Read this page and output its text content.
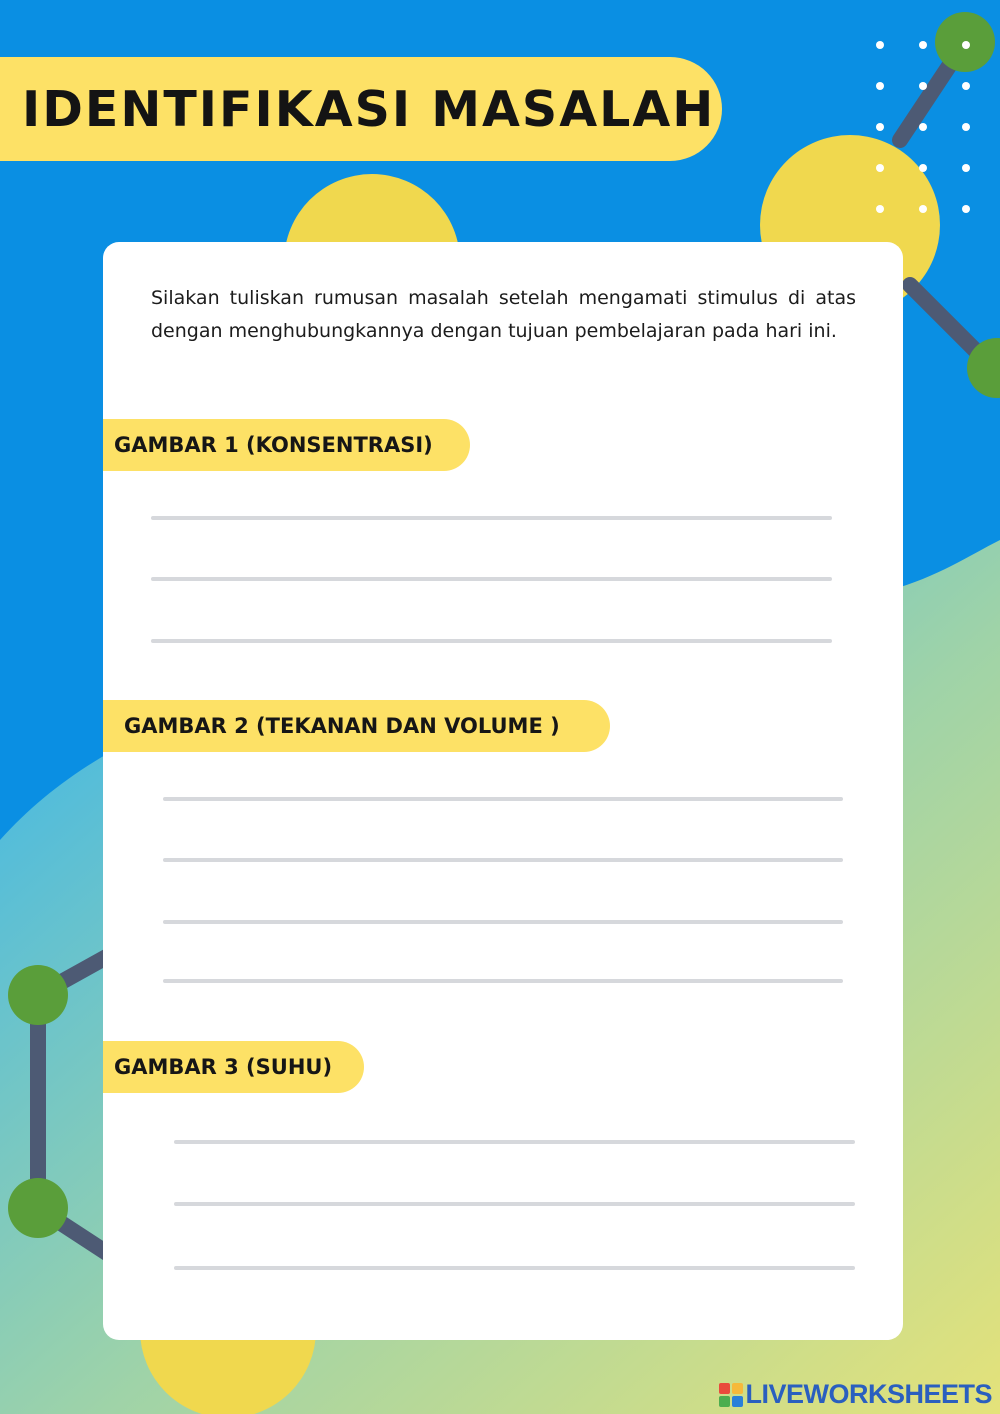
IDENTIFIKASI MASALAH

Silakan tuliskan rumusan masalah setelah mengamati stimulus di atas dengan menghubungkannya dengan tujuan pembelajaran pada hari ini.

GAMBAR 1 (KONSENTRASI)
GAMBAR 2 (TEKANAN DAN VOLUME )
GAMBAR 3 (SUHU)
LIVEWORKSHEETS
